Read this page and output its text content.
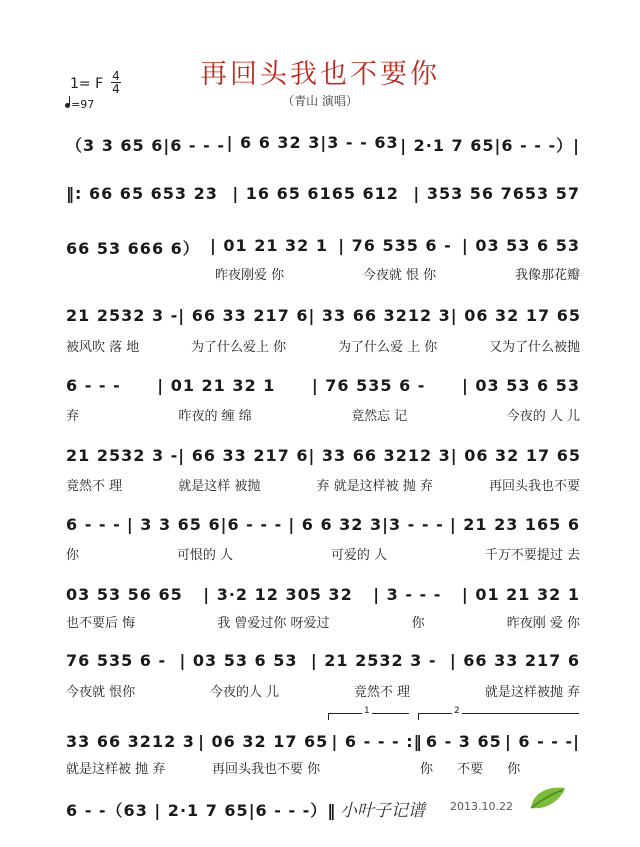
再回头我也不要你
（青山 演唱）
1= F 4
4
=97
（3 3 65 6|6 - - - | 6 6 32 3|3 - - 63 | 2·1 7 65|6 - - -）|
‖: 66 65 653 23 | 16 65 6165 612 | 353 56 7653 57
66 53 666 6） | 01 21 32 1 | 76 535 6 - | 03 53 6 53
昨夜刚爱 你	今夜就 恨 你	我像那花瓣
21 2532 3 - | 66 33 217 6 | 33 66 3212 3 | 06 32 17 65
被风吹 落 地	为了什么爱上 你	为了什么爱 上 你	又为了什么被抛
6 - - - | 01 21 32 1 | 76 535 6 - | 03 53 6 53
弃	昨夜的 缠 绵	竟然忘 记	今夜的 人 儿
21 2532 3 - | 66 33 217 6 | 33 66 3212 3 | 06 32 17 65
竟然不 理	就是这样 被抛	弃 就是这样被 抛 弃	再回头我也不要
6 - - - | 3 3 65 6|6 - - - | 6 6 32 3|3 - - - | 21 23 165 6
你	可恨的 人	可爱的 人	千万不要提过 去
03 53 56 65 | 3·2 12 305 32 | 3 - - - | 01 21 32 1
也不要后 悔	我 曾爱过你 呀爱过	你	昨夜刚 爱 你
76 535 6 - | 03 53 6 53 | 21 2532 3 - | 66 33 217 6
今夜就 恨你	今夜的人 儿	竟然不 理	就是这样被抛 弃
1	2
33 66 3212 3 | 06 32 17 65 | 6 - - - :‖ 6 - 3 65 | 6 - - -|
就是这样被 抛 弃	再回头我也不要 你	你 不要 你
6 - -（63 | 2·1 7 65|6 - - -）‖ 小叶子记谱 2013.10.22
